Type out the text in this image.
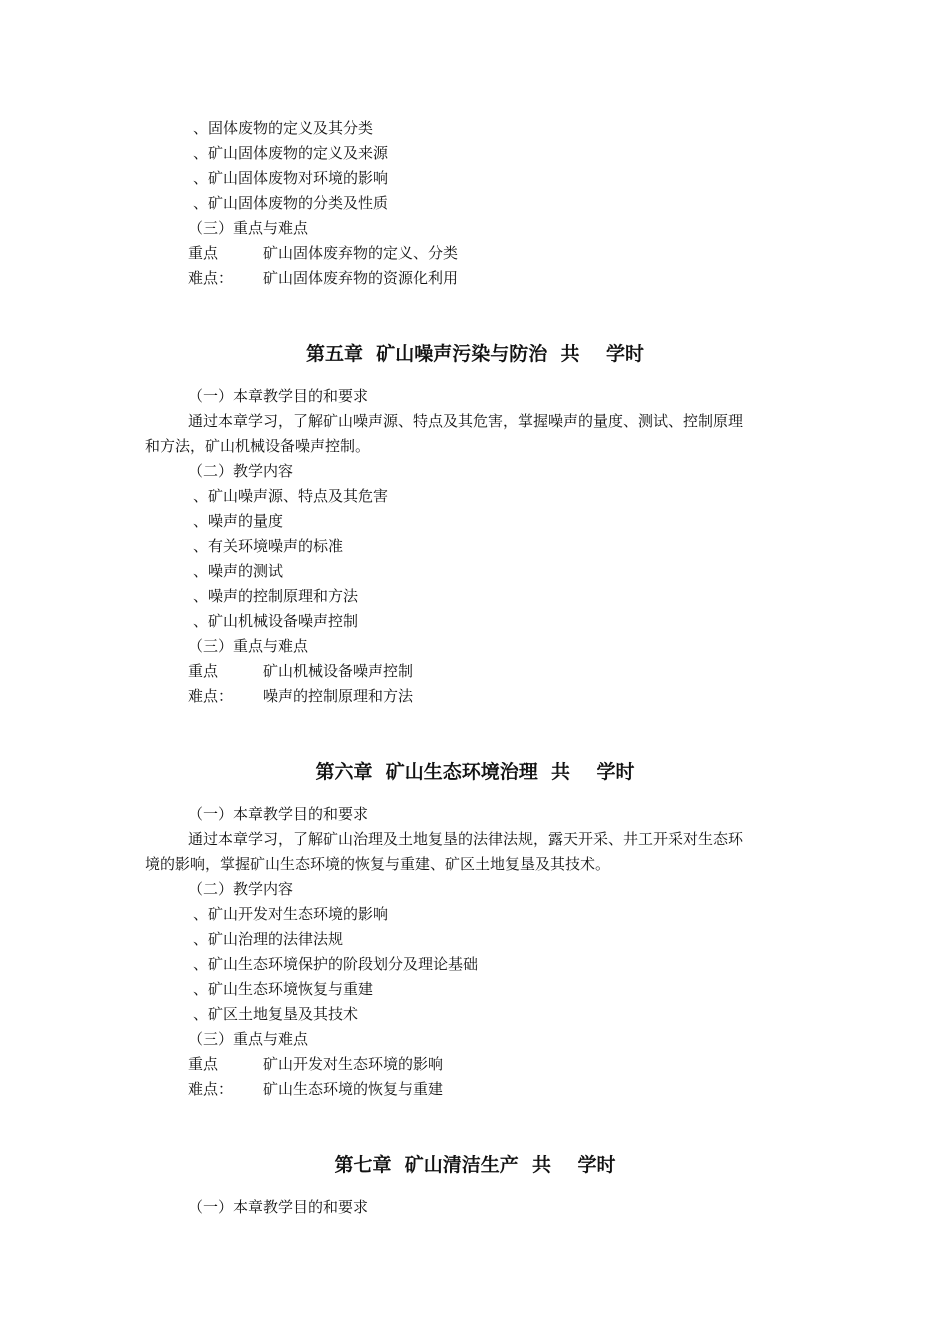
、固体废物的定义及其分类
、矿山固体废物的定义及来源
、矿山固体废物对环境的影响
、矿山固体废物的分类及性质
（三）重点与难点
重点	矿山固体废弃物的定义、分类
难点： 矿山固体废弃物的资源化利用
第五章  矿山噪声污染与防治  共    学时
（一）本章教学目的和要求
通过本章学习，了解矿山噪声源、特点及其危害，掌握噪声的量度、测试、控制原理
和方法，矿山机械设备噪声控制。
（二）教学内容
、矿山噪声源、特点及其危害
、噪声的量度
、有关环境噪声的标准
、噪声的测试
、噪声的控制原理和方法
、矿山机械设备噪声控制
（三）重点与难点
重点	矿山机械设备噪声控制
难点： 噪声的控制原理和方法
第六章  矿山生态环境治理  共    学时
（一）本章教学目的和要求
通过本章学习，了解矿山治理及土地复垦的法律法规，露天开采、井工开采对生态环
境的影响，掌握矿山生态环境的恢复与重建、矿区土地复垦及其技术。
（二）教学内容
、矿山开发对生态环境的影响
、矿山治理的法律法规
、矿山生态环境保护的阶段划分及理论基础
、矿山生态环境恢复与重建
、矿区土地复垦及其技术
（三）重点与难点
重点	矿山开发对生态环境的影响
难点： 矿山生态环境的恢复与重建
第七章  矿山清洁生产  共    学时
（一）本章教学目的和要求
